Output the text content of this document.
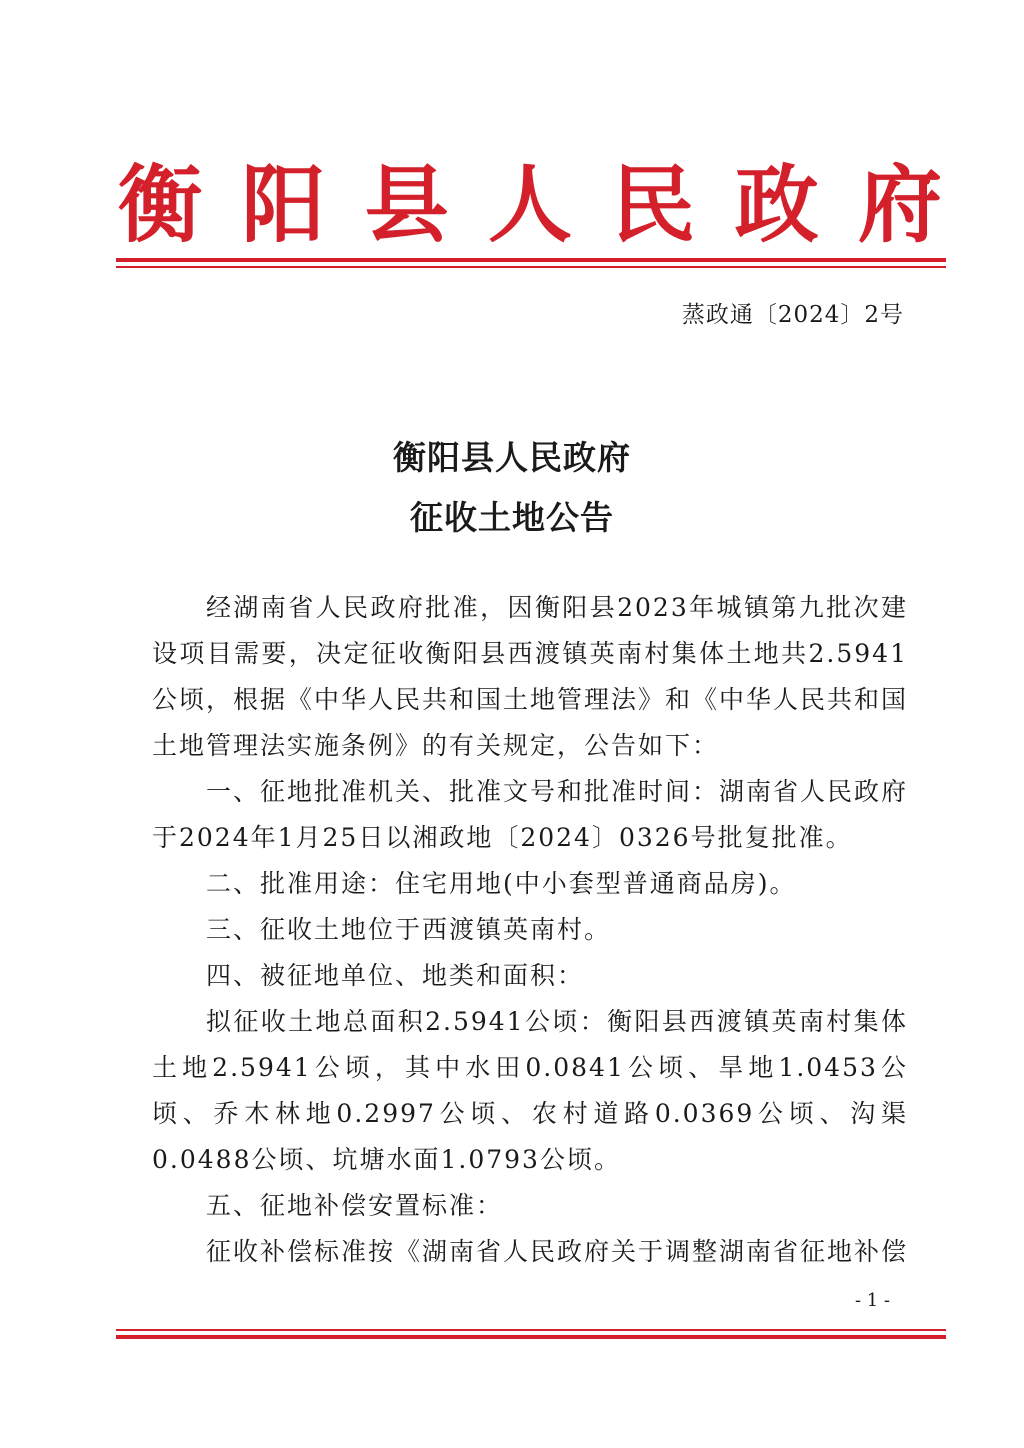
衡 阳 县 人 民 政 府
蒸政通〔2024〕2号
衡阳县人民政府
征收土地公告

经湖南省人民政府批准，因衡阳县2023年城镇第九批次建设项目需要，决定征收衡阳县西渡镇英南村集体土地共2.5941公顷，根据《中华人民共和国土地管理法》和《中华人民共和国土地管理法实施条例》的有关规定，公告如下：

一、征地批准机关、批准文号和批准时间：湖南省人民政府于2024年1月25日以湘政地〔2024〕0326号批复批准。

二、批准用途：住宅用地(中小套型普通商品房)。

三、征收土地位于西渡镇英南村。

四、被征地单位、地类和面积：

拟征收土地总面积2.5941公顷：衡阳县西渡镇英南村集体土地2.5941公顷，其中水田0.0841公顷、旱地1.0453公顷、乔木林地0.2997公顷、农村道路0.0369公顷、沟渠0.0488公顷、坑塘水面1.0793公顷。

五、征地补偿安置标准：

征收补偿标准按《湖南省人民政府关于调整湖南省征地补偿

- 1 -
